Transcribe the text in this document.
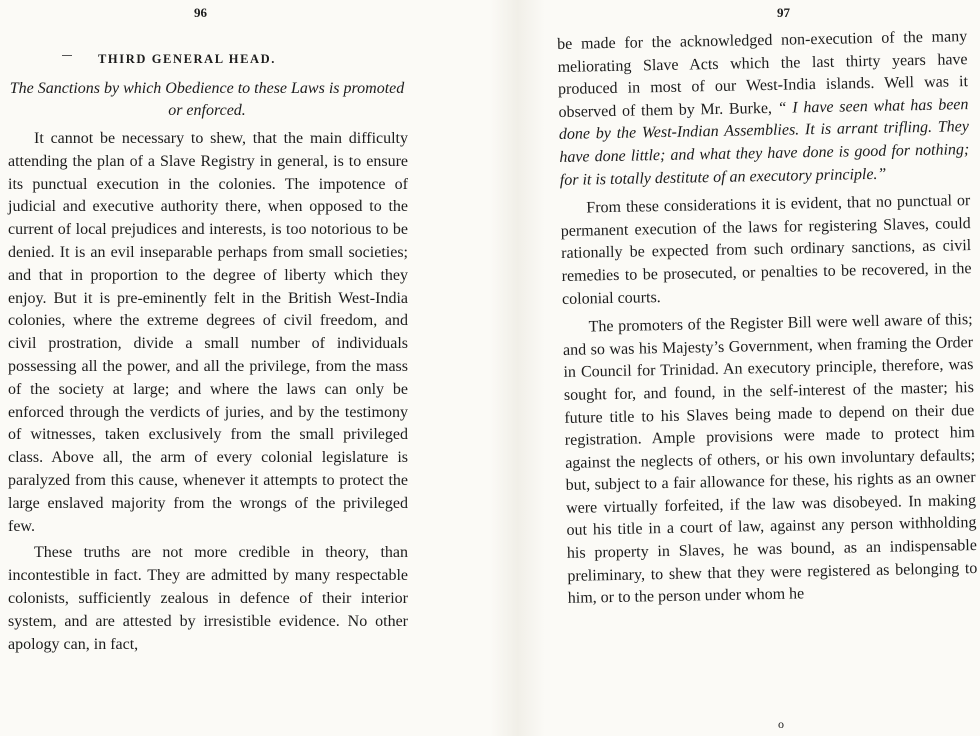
96
THIRD GENERAL HEAD.
The Sanctions by which Obedience to these Laws is promoted or enforced.

It cannot be necessary to shew, that the main difficulty attending the plan of a Slave Registry in general, is to ensure its punctual execution in the colonies. The impotence of judicial and executive authority there, when opposed to the current of local prejudices and interests, is too notorious to be denied. It is an evil inseparable perhaps from small societies; and that in proportion to the degree of liberty which they enjoy. But it is pre-eminently felt in the British West-India colonies, where the extreme degrees of civil freedom, and civil prostration, divide a small number of individuals possessing all the power, and all the privilege, from the mass of the society at large; and where the laws can only be enforced through the verdicts of juries, and by the testimony of witnesses, taken exclusively from the small privileged class. Above all, the arm of every colonial legislature is paralyzed from this cause, whenever it attempts to protect the large enslaved majority from the wrongs of the privileged few.

These truths are not more credible in theory, than incontestible in fact. They are admitted by many respectable colonists, sufficiently zealous in defence of their interior system, and are attested by irresistible evidence. No other apology can, in fact,

97

be made for the acknowledged non-execution of the many meliorating Slave Acts which the last thirty years have produced in most of our West-India islands. Well was it observed of them by Mr. Burke, “ I have seen what has been done by the West-Indian Assemblies. It is arrant trifling. They have done little; and what they have done is good for nothing; for it is totally destitute of an executory principle.”

From these considerations it is evident, that no punctual or permanent execution of the laws for registering Slaves, could rationally be expected from such ordinary sanctions, as civil remedies to be prosecuted, or penalties to be recovered, in the colonial courts.

The promoters of the Register Bill were well aware of this; and so was his Majesty’s Government, when framing the Order in Council for Trinidad. An executory principle, therefore, was sought for, and found, in the self-interest of the master; his future title to his Slaves being made to depend on their due registration. Ample provisions were made to protect him against the neglects of others, or his own involuntary defaults; but, subject to a fair allowance for these, his rights as an owner were virtually forfeited, if the law was disobeyed. In making out his title in a court of law, against any person withholding his property in Slaves, he was bound, as an indispensable preliminary, to shew that they were registered as belonging to him, or to the person under whom he

o
